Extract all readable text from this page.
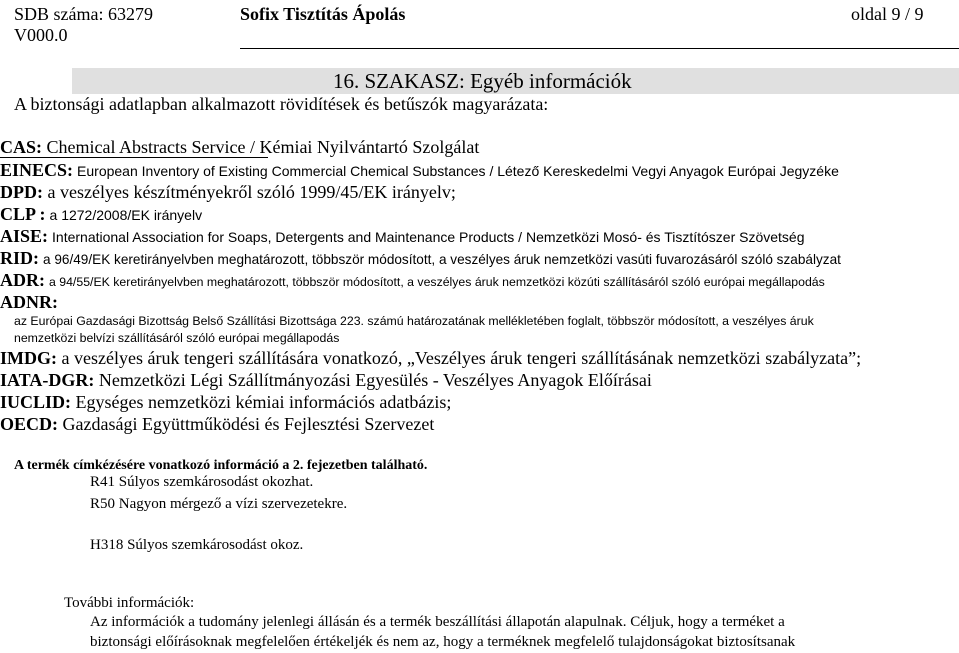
SDB száma: 63279
V000.0
Sofix Tisztítás Ápolás	oldal 9 / 9
16. SZAKASZ: Egyéb információk
A biztonsági adatlapban alkalmazott rövidítések és betűszók magyarázata:
CAS: Chemical Abstracts Service / Kémiai Nyilvántartó Szolgálat
EINECS: European Inventory of Existing Commercial Chemical Substances / Létező Kereskedelmi Vegyi Anyagok Európai Jegyzéke
DPD: a veszélyes készítményekről szóló 1999/45/EK irányelv;
CLP : a 1272/2008/EK irányelv
AISE: International Association for Soaps, Detergents and Maintenance Products / Nemzetközi Mosó- és Tisztítószer Szövetség
RID: a 96/49/EK keretirányelvben meghatározott, többször módosított, a veszélyes áruk nemzetközi vasúti fuvarozásáról szóló szabályzat
ADR: a 94/55/EK keretirányelvben meghatározott, többször módosított, a veszélyes áruk nemzetközi közúti szállításáról szóló európai megállapodás
ADNR:
az Európai Gazdasági Bizottság Belső Szállítási Bizottsága 223. számú határozatának mellékletében foglalt, többször módosított, a veszélyes áruk
nemzetközi belvízi szállításáról szóló európai megállapodás
IMDG: a veszélyes áruk tengeri szállítására vonatkozó, „Veszélyes áruk tengeri szállításának nemzetközi szabályzata”;
IATA-DGR: Nemzetközi Légi Szállítmányozási Egyesülés - Veszélyes Anyagok Előírásai
IUCLID: Egységes nemzetközi kémiai információs adatbázis;
OECD: Gazdasági Együttműködési és Fejlesztési Szervezet
A termék címkézésére vonatkozó információ a 2. fejezetben található.
R41 Súlyos szemkárosodást okozhat.
R50 Nagyon mérgező a vízi szervezetekre.
H318 Súlyos szemkárosodást okoz.
További információk:
Az információk a tudomány jelenlegi állásán és a termék beszállítási állapotán alapulnak. Céljuk, hogy a terméket a
biztonsági előírásoknak megfelelően értékeljék és nem az, hogy a terméknek megfelelő tulajdonságokat biztosítsanak
